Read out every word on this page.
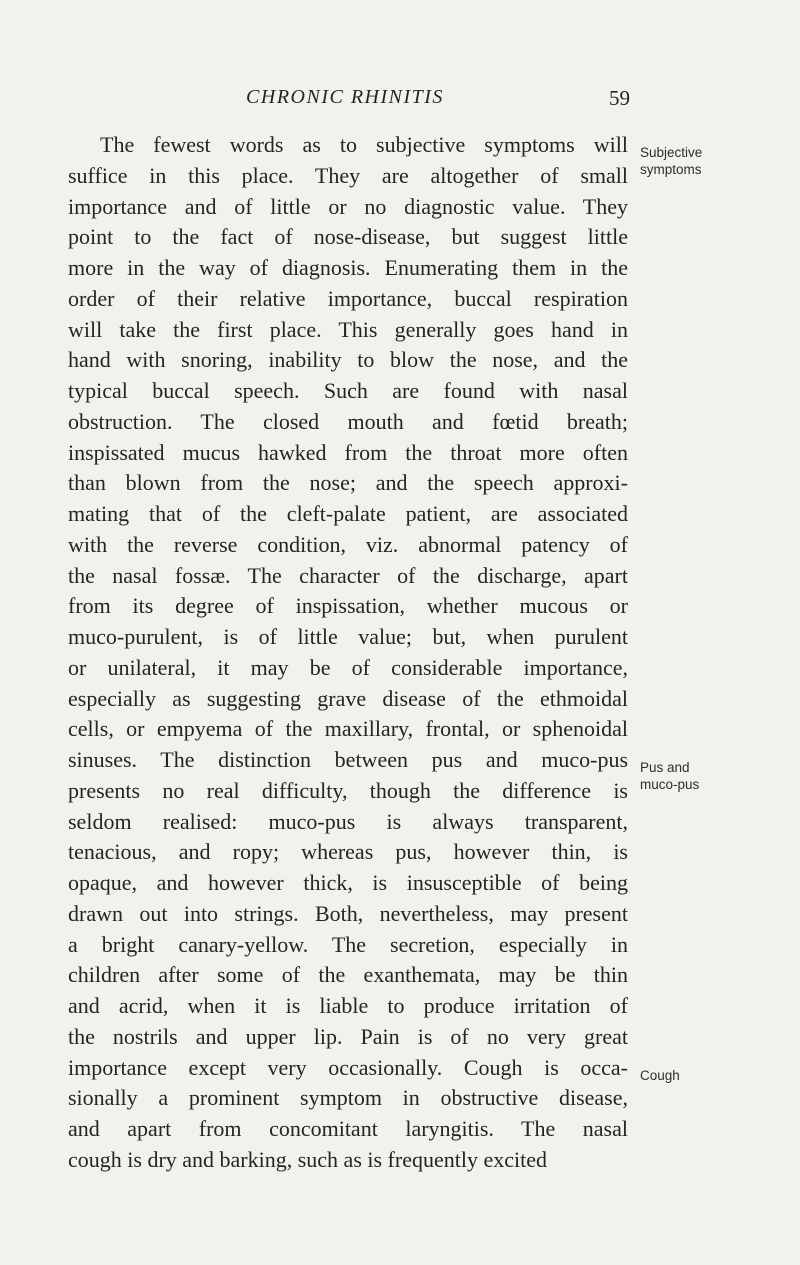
CHRONIC RHINITIS	59
The fewest words as to subjective symptoms will
suffice in this place. They are altogether of small
importance and of little or no diagnostic value. They
point to the fact of nose-disease, but suggest little
more in the way of diagnosis. Enumerating them in the
order of their relative importance, buccal respiration
will take the first place. This generally goes hand in
hand with snoring, inability to blow the nose, and the
typical buccal speech. Such are found with nasal
obstruction. The closed mouth and fœtid breath;
inspissated mucus hawked from the throat more often
than blown from the nose; and the speech approxi-
mating that of the cleft-palate patient, are associated
with the reverse condition, viz. abnormal patency of
the nasal fossæ. The character of the discharge, apart
from its degree of inspissation, whether mucous or
muco-purulent, is of little value; but, when purulent
or unilateral, it may be of considerable importance,
especially as suggesting grave disease of the ethmoidal
cells, or empyema of the maxillary, frontal, or sphenoidal
sinuses. The distinction between pus and muco-pus
presents no real difficulty, though the difference is
seldom realised: muco-pus is always transparent,
tenacious, and ropy; whereas pus, however thin, is
opaque, and however thick, is insusceptible of being
drawn out into strings. Both, nevertheless, may present
a bright canary-yellow. The secretion, especially in
children after some of the exanthemata, may be thin
and acrid, when it is liable to produce irritation of
the nostrils and upper lip. Pain is of no very great
importance except very occasionally. Cough is occa-
sionally a prominent symptom in obstructive disease,
and apart from concomitant laryngitis. The nasal
cough is dry and barking, such as is frequently excited
Subjective
symptoms
Pus and
muco-pus
Cough
